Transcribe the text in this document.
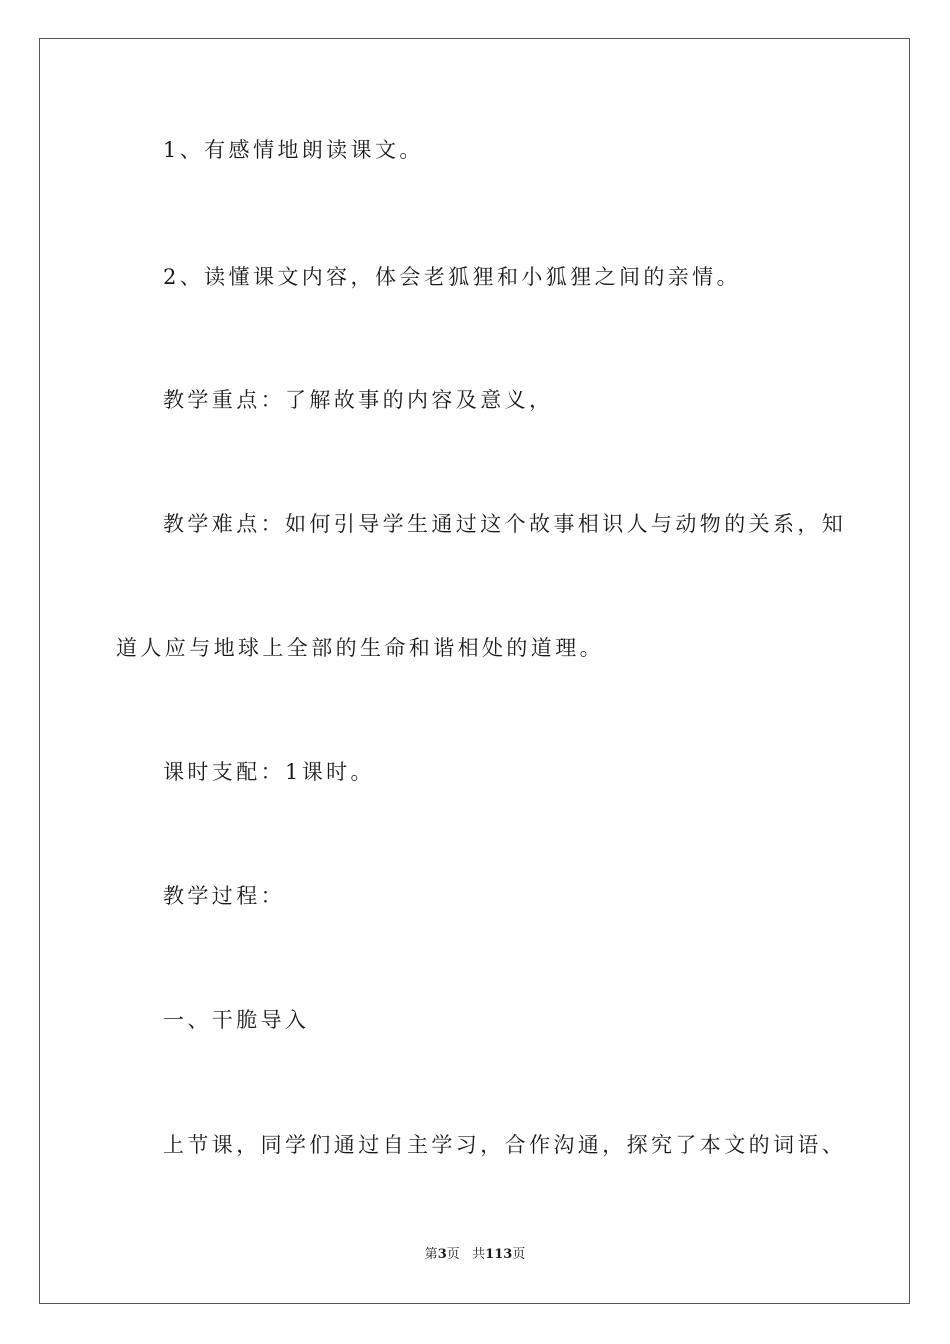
1、有感情地朗读课文。
2、读懂课文内容，体会老狐狸和小狐狸之间的亲情。
教学重点：了解故事的内容及意义，
教学难点：如何引导学生通过这个故事相识人与动物的关系，知
道人应与地球上全部的生命和谐相处的道理。
课时支配：1课时。
教学过程：
一、干脆导入
上节课，同学们通过自主学习，合作沟通，探究了本文的词语、
第3页 共113页
